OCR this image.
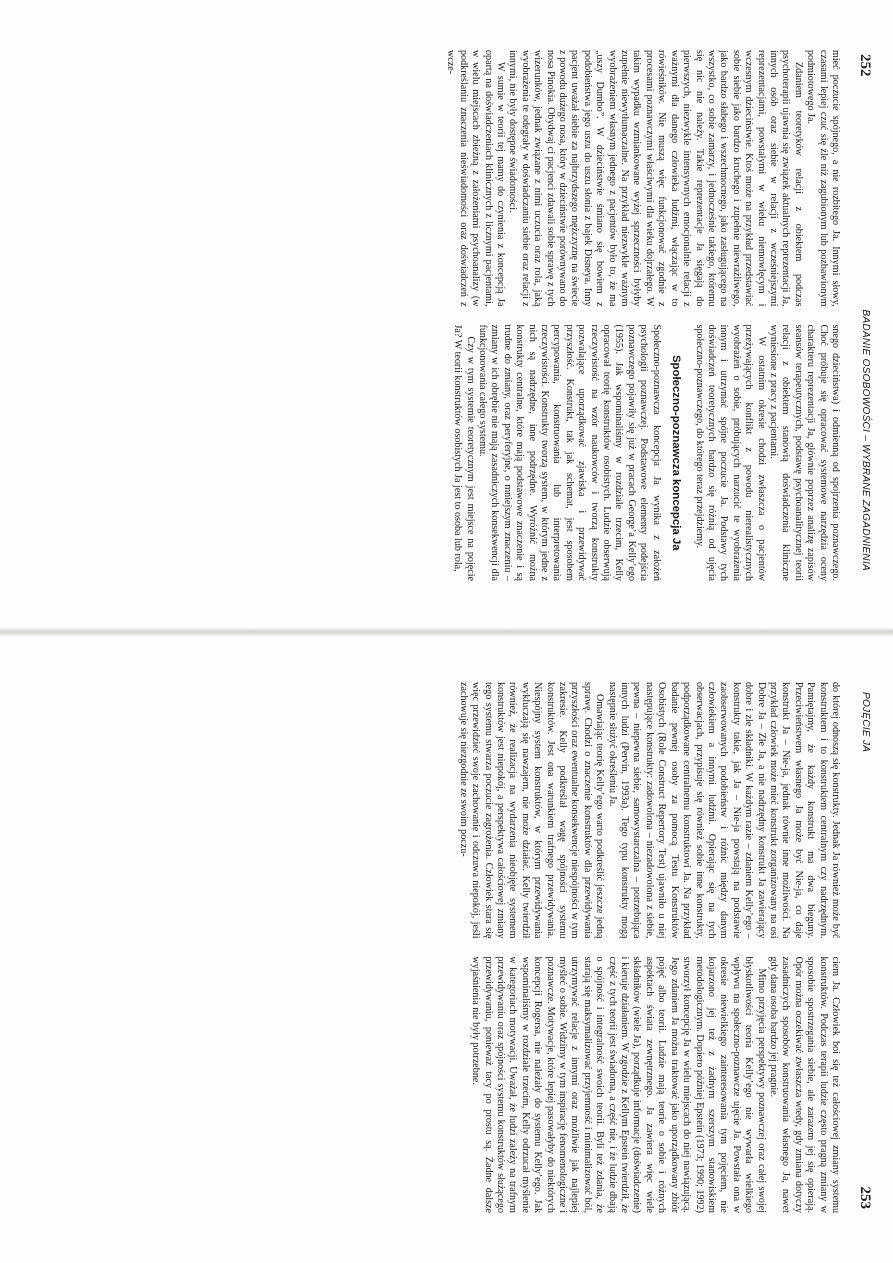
252
BADANIE OSOBOWOŚCI – WYBRANE ZAGADNIENIA

mieć poczucie spójnego, a nie rozbitego Ja. Innymi słowy, czasami lepiej czuć się źle niż zagubionym lub pozbawionym podmiotowego Ja.

Zdaniem teoretyków relacji z obiektem podczas psychoterapii ujawnia się związek aktualnych reprezentacji Ja, innych osób oraz siebie w relacji z wcześniejszymi reprezentacjami, powstałymi w wieku niemowlęcym i wczesnym dzieciństwie. Ktoś może na przykład przedstawiać sobie siebie jako bardzo kruchego i zupełnie niewrażliwego, jako bardzo słabego i wszechmocnego, jako zasługującego na wszystko, co sobie zamarzy, i jednocześnie takiego, któremu się nic nie należy. Takie reprezentacje Ja sięgają do pierwszych, niezwykle intensywnych emocjonalnie relacji z ważnymi dla danego człowieka ludźmi, włączając w to rówieśników. Nie muszą więc funkcjonować zgodnie z procesami poznawczymi właściwymi dla wieku dojrzałego. W takim wypadku wzmiankowane wyżej sprzeczności byłyby zupełnie niewytłumaczalne. Na przykład niezwykle ważnym wyobrażeniem własnym jednego z pacjentów było to, że ma „uszy Dumbo”. W dzieciństwie śmiano się bowiem z podobieństwa jego uszu do uszu słonia z bajek Disneya. Inny pacjent uważał siebie za najbrzydszego mężczyznę na świecie z powodu dużego nosa, który w dzieciństwie porównywano do nosa Pinokia. Obydwaj ci pacjenci zdawali sobie sprawę z tych wizerunków, jednak związane z nimi uczucia oraz rola, jaką wyobrażenia te odegrały w doświadczaniu siebie oraz relacji z innymi, nie były dostępne świadomości.

W sumie w teorii tej mamy do czynienia z koncepcją Ja opartą na doświadczeniach klinicznych z licznymi pacjentami, w wielu miejscach zbieżną z założeniami psychoanalizy (w podkreślaniu znaczenia nieświadomości oraz doświadczeń z wcze-

snego dzieciństwa) i odmienną od spojrzenia poznawczego. Choć próbuje się opracować systemowe narzędzia oceny charakteru reprezentacji Ja, głównie poprzez analizę zapisów seansów terapeutycznych, podstawę psychoanalitycznej teorii relacji z obiektem stanowią doświadczenia kliniczne wyniesione z pracy z pacjentami.

W ostatnim okresie chodzi zwłaszcza o pacjentów przeżywających konflikt z powodu nierealistycznych wyobrażeń o sobie, próbujących narzucić te wyobrażenia innym i utrzymać spójne poczucie Ja. Podstawy tych doświadczeń teoretycznych bardzo się różnią od ujęcia społeczno-poznawczego, do którego teraz przejdziemy.

Społeczno-poznawcza koncepcja Ja

Społeczno-poznawcza koncepcja Ja wynika z założeń psychologii poznawczej. Podstawowe elementy podejścia poznawczego pojawiły się już w pracach George’a Kelly’ego (1955). Jak wspominaliśmy w rozdziale trzecim, Kelly opracował teorię konstruktów osobistych. Ludzie obserwują rzeczywistość na wzór naukowców i tworzą konstrukty pozwalające uporządkować zjawiska i przewidywać przyszłość. Konstrukt, tak jak schemat, jest sposobem percypowania, konstruowania lub interpretowania rzeczywistości. Konstrukty tworzą system, w którym jedne z nich są nadrzędne, inne podrzędne. Wyróżnić można konstrukty centralne, które mają podstawowe znaczenie i są trudne do zmiany, oraz peryferyjne, o mniejszym znaczeniu – zmiany w ich obrębie nie mają zasadniczych konsekwencji dla funkcjonowania całego systemu.

Czy w tym systemie teoretycznym jest miejsce na pojęcie Ja? W teorii konstruktów osobistych Ja jest to osoba lub rola,

POJĘCIE JA
253

do której odnoszą się konstrukty. Jednak Ja również może być konstruktem i to konstruktem centralnym czy nadrzędnym. Pamiętajmy, że każdy konstrukt ma dwa bieguny. Przeciwieństwem własnego Ja może być Nie-ja, co daje konstrukt Ja – Nie-ja, jednak równie inne możliwości. Na przykład człowiek może mieć konstrukt zorganizowany na osi Dobre Ja – Złe Ja, a nie nadrzędny konstrukt Ja zawierający dobre i złe składniki. W każdym razie – zdaniem Kelly’ego – konstrukty takie, jak Ja – Nie-ja powstają na podstawie zaobserwowanych podobieństw i różnic między danym człowiekiem a innymi ludźmi. Opierając się na tych obserwacjach, przypisuje się również sobie inne konstrukty, podporządkowane centralnemu konstruktowi Ja. Na przykład badanie pewnej osoby za pomocą Testu Konstruktów Osobistych (Role Construct Repertory Test) ujawniło u niej następujące konstrukty: zadowolona – niezadowolona z siebie, pewna – niepewna siebie, samowystarczalna – potrzebująca innych ludzi (Pervin, 1993a). Tego typu konstrukty mogą następnie służyć określeniu Ja.

Omawiając teorię Kelly’ego warto podkreślić jeszcze jedną sprawę. Chodzi o znaczenie konstruktów dla przewidywania przyszłości oraz ewentualne konsekwencje niespójności w tym zakresie. Kelly podkreślał wagę spójności systemu konstruktów. Jest ona warunkiem trafnego przewidywania. Niespójny system konstruktów, w którym przewidywania wykluczają się nawzajem, nie może działać. Kelly twierdził również, że realizacja na wydarzenia nieobjęte systemem konstruktów jest niepokój, a perspektywa całościowej zmiany tego systemu stwarza poczucie zagrożenia. Człowiek stara się więc przewidzieć swoje zachowanie i odczuwa niepokój, jeśli zachowuje się niezgodnie ze swoim poczu-

ciem Ja. Człowiek boi się też całościowej zmiany systemu konstruktów. Podczas terapii ludzie często pragną zmiany w sposobie spostrzegania siebie, ale zarazem jej się opierają. Opór można oczekiwać zwłaszcza wtedy, gdy zmiana dotyczy zasadniczych sposobów konstruowania własnego Ja, nawet gdy dana osoba bardzo jej pragnie.

Mimo przyjęcia perspektywy poznawczej oraz całej swojej błyskotliwości teoria Kelly’ego nie wywarła wielkiego wpływu na społeczno-poznawcze ujęcie Ja. Powstała ona w okresie niewielkiego zainteresowania tym pojęciem, nie kojarzono jej też z żadnym szerszym stanowiskiem metodologicznym. Dopiero później Epstein (1973; 1990; 1992) stworzył koncepcję Ja w wielu miejscach do niej nawiązującą. Jego zdaniem Ja można traktować jako uporządkowany zbiór pojęć albo teorii. Ludzie mają teorie o sobie i różnych aspektach świata zewnętrznego. Ja zawiera więc wiele składników (wiele Ja), porządkuje informacje (doświadczenie) i kieruje działaniem. W zgodzie z Kellym Epstein twierdził, że część z tych teorii jest świadoma, a część nie, i że ludzie dbają o spójność i integralność swoich teorii. Byli też zdania, że starają się maksymalizować przyjemność i minimalizować ból, utrzymywać relacje z innymi oraz możliwie jak najlepiej myśleć o sobie. Widzimy w tym inspirację fenomenologiczne i poznawcze. Motywacje, które lepiej pasowałyby do niektórych koncepcji Rogersa, nie należały do systemu Kelly’ego. Jak wspominaliśmy w rozdziale trzecim, Kelly odrzucał myślenie w kategoriach motywacji. Uważał, że ludzi zależy na trafnym przewidywaniu oraz spójności systemu konstruktów służącego przewidywaniu, ponieważ tacy po prostu są. Żadne dalsze wyjaśnienia nie były potrzebne.
